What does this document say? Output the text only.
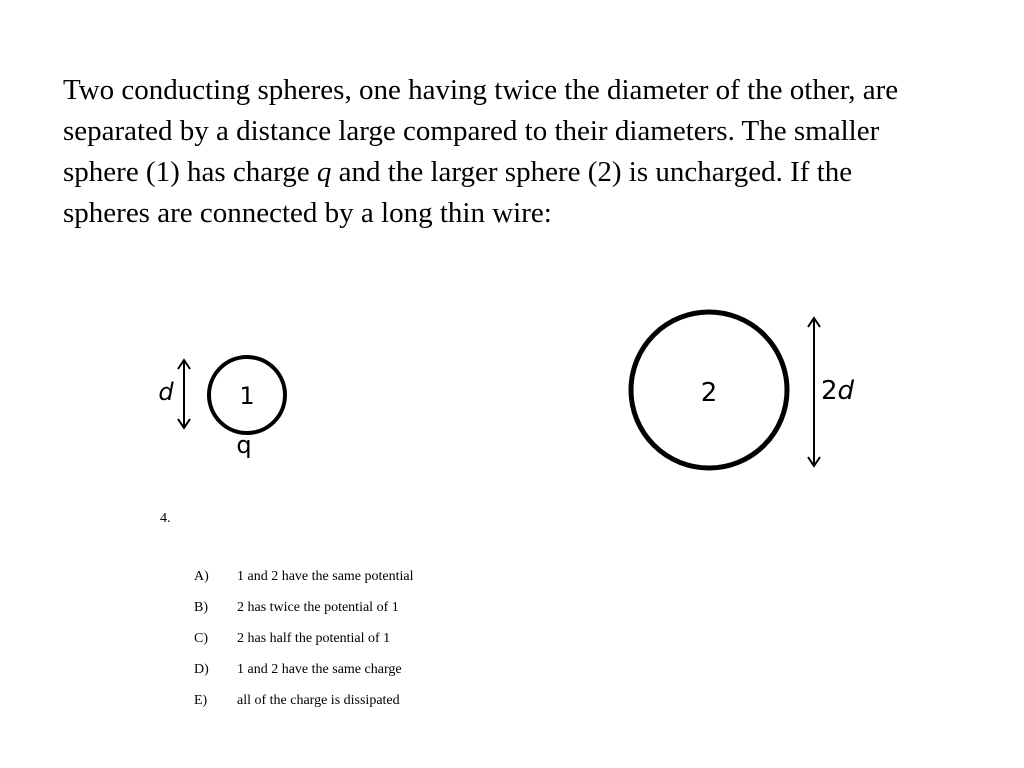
Two conducting spheres, one having twice the diameter of the other, are separated by a distance large compared to their diameters. The smaller sphere (1) has charge q and the larger sphere (2) is uncharged. If the spheres are connected by a long thin wire:

1
q
d	2	2d
4.
A)	1 and 2 have the same potential
B)	2 has twice the potential of 1
C)	2 has half the potential of 1
D)	1 and 2 have the same charge
E)	all of the charge is dissipated
